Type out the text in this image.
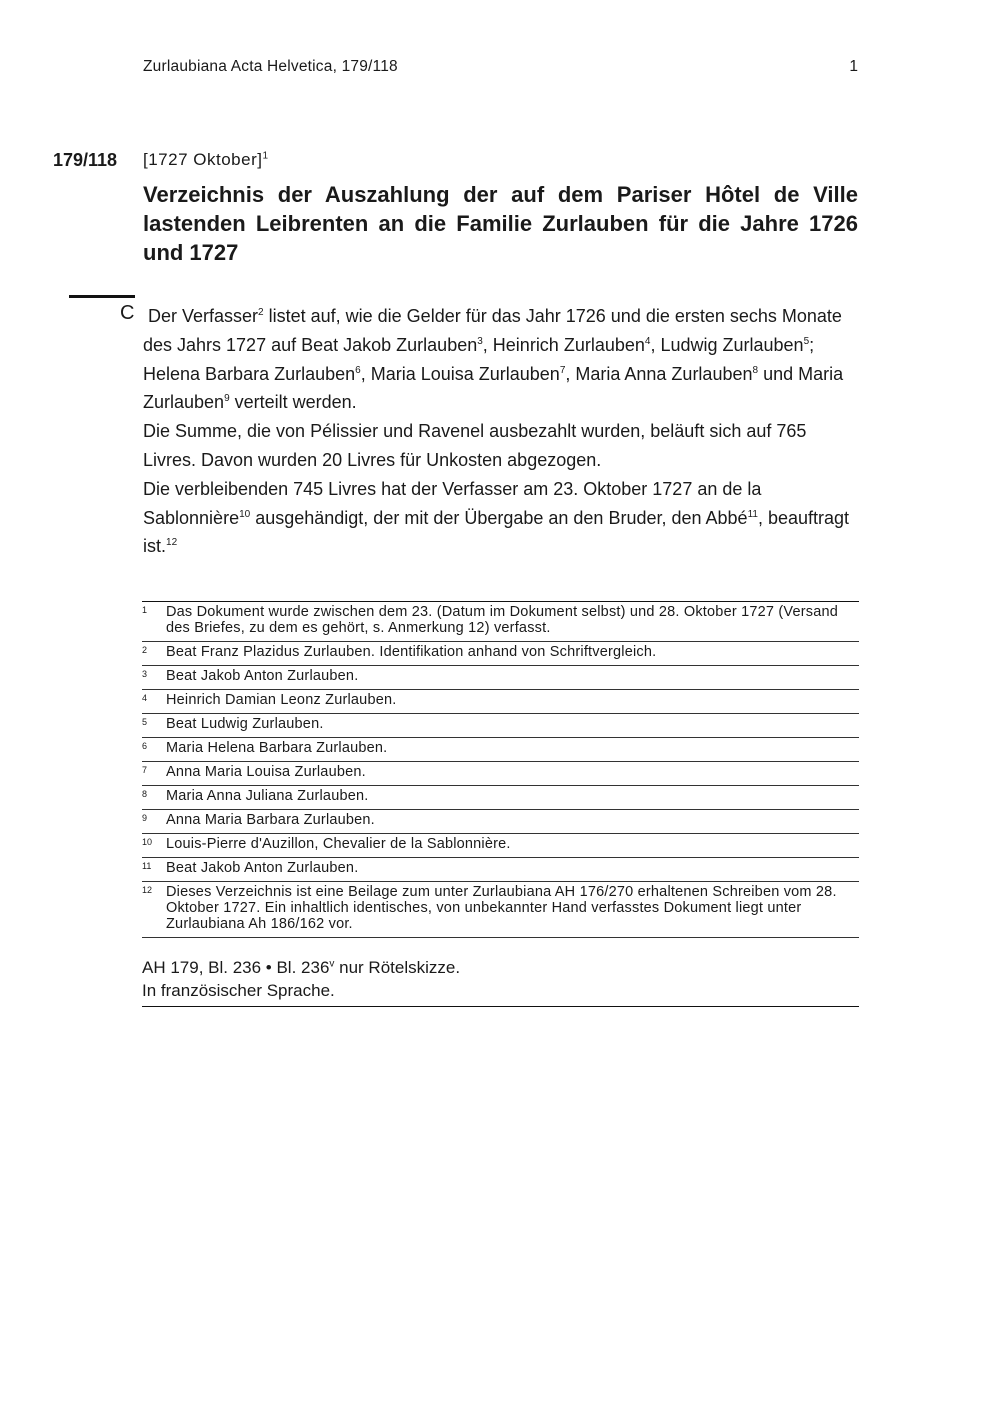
Zurlaubiana Acta Helvetica, 179/118	1
179/118 [1727 Oktober]$^1$
Verzeichnis der Auszahlung der auf dem Pariser Hôtel de Ville lastenden Leibrenten an die Familie Zurlauben für die Jahre 1726 und 1727
C Der Verfasser$^2$ listet auf, wie die Gelder für das Jahr 1726 und die ersten sechs Monate des Jahrs 1727 auf Beat Jakob Zurlauben$^3$, Heinrich Zurlauben$^4$, Ludwig Zurlauben$^5$; Helena Barbara Zurlauben$^6$, Maria Louisa Zurlauben$^7$, Maria Anna Zurlauben$^8$ und Maria Zurlauben$^9$ verteilt werden.

Die Summe, die von Pélissier und Ravenel ausbezahlt wurden, beläuft sich auf 765 Livres. Davon wurden 20 Livres für Unkosten abgezogen.

Die verbleibenden 745 Livres hat der Verfasser am 23. Oktober 1727 an de la Sablonnière$^{10}$ ausgehändigt, der mit der Übergabe an den Bruder, den Abbé$^{11}$, beauftragt ist.$^{12}$

1	Das Dokument wurde zwischen dem 23. (Datum im Dokument selbst) und 28. Oktober 1727 (Versand des Briefes, zu dem es gehört, s. Anmerkung 12) verfasst.
2	Beat Franz Plazidus Zurlauben. Identifikation anhand von Schriftvergleich.
3	Beat Jakob Anton Zurlauben.
4	Heinrich Damian Leonz Zurlauben.
5	Beat Ludwig Zurlauben.
6	Maria Helena Barbara Zurlauben.
7	Anna Maria Louisa Zurlauben.
8	Maria Anna Juliana Zurlauben.
9	Anna Maria Barbara Zurlauben.
10 Louis-Pierre d'Auzillon, Chevalier de la Sablonnière.
11	Beat Jakob Anton Zurlauben.
12 Dieses Verzeichnis ist eine Beilage zum unter Zurlaubiana AH 176/270 erhaltenen Schreiben vom 28. Oktober 1727. Ein inhaltlich identisches, von unbekannter Hand verfasstes Dokument liegt unter Zurlaubiana Ah 186/162 vor.

AH 179, Bl. 236 • Bl. 236$^v$ nur Rötelskizze.

In französischer Sprache.
